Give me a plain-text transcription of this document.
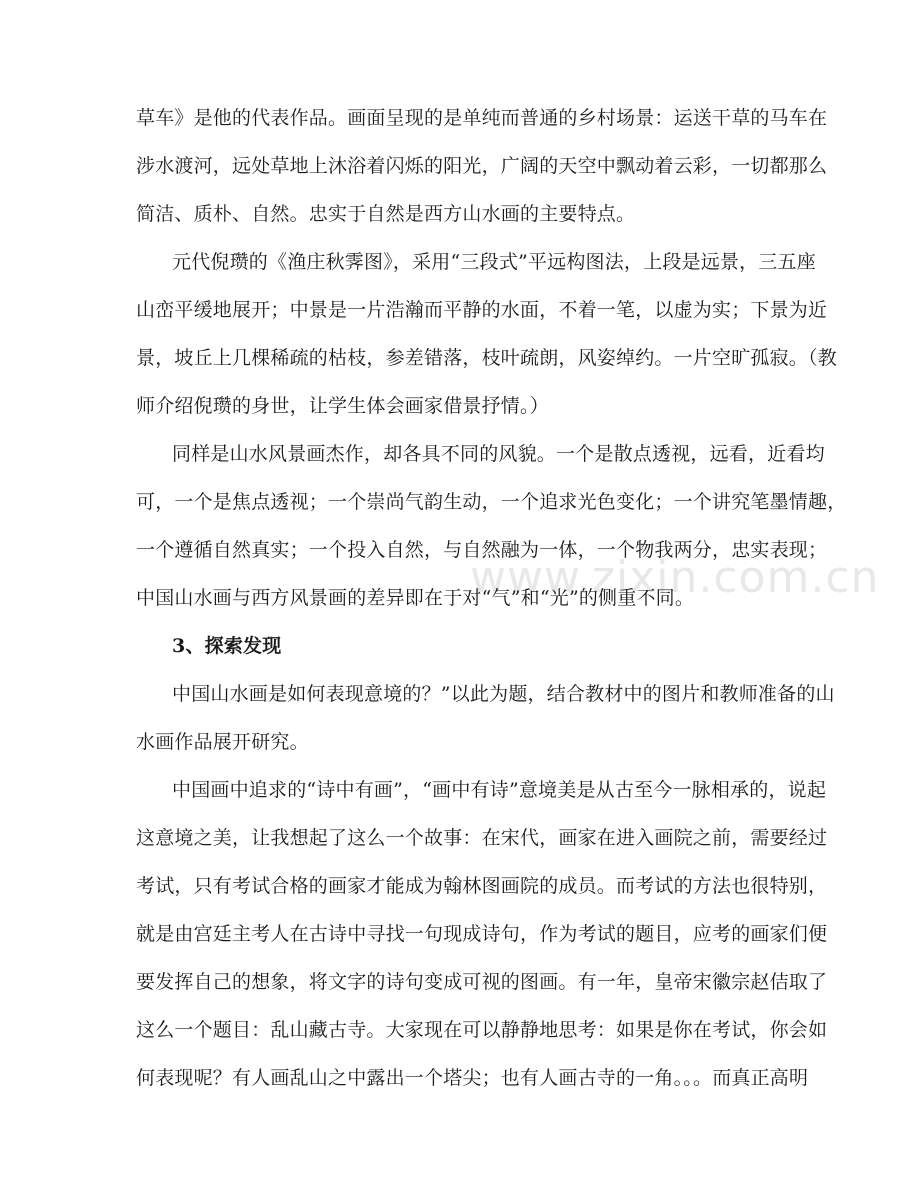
www.zixin.com.cn
草车》是他的代表作品。画面呈现的是单纯而普通的乡村场景：运送干草的马车在
涉水渡河，远处草地上沐浴着闪烁的阳光，广阔的天空中飘动着云彩，一切都那么
简洁、质朴、自然。忠实于自然是西方山水画的主要特点。
元代倪瓒的《渔庄秋霁图》，采用“三段式”平远构图法，上段是远景，三五座
山峦平缓地展开；中景是一片浩瀚而平静的水面，不着一笔，以虚为实；下景为近
景，坡丘上几棵稀疏的枯枝，参差错落，枝叶疏朗，风姿绰约。一片空旷孤寂。（教
师介绍倪瓒的身世，让学生体会画家借景抒情。）
同样是山水风景画杰作，却各具不同的风貌。一个是散点透视，远看，近看均
可，一个是焦点透视；一个崇尚气韵生动，一个追求光色变化；一个讲究笔墨情趣，
一个遵循自然真实；一个投入自然，与自然融为一体，一个物我两分，忠实表现；
中国山水画与西方风景画的差异即在于对“气”和“光”的侧重不同。
3、探索发现
中国山水画是如何表现意境的？”以此为题，结合教材中的图片和教师准备的山
水画作品展开研究。
中国画中追求的“诗中有画”，“画中有诗”意境美是从古至今一脉相承的，说起
这意境之美，让我想起了这么一个故事：在宋代，画家在进入画院之前，需要经过
考试，只有考试合格的画家才能成为翰林图画院的成员。而考试的方法也很特别，
就是由宫廷主考人在古诗中寻找一句现成诗句，作为考试的题目，应考的画家们便
要发挥自己的想象，将文字的诗句变成可视的图画。有一年，皇帝宋徽宗赵佶取了
这么一个题目：乱山藏古寺。大家现在可以静静地思考：如果是你在考试，你会如
何表现呢？有人画乱山之中露出一个塔尖；也有人画古寺的一角。。。而真正高明
